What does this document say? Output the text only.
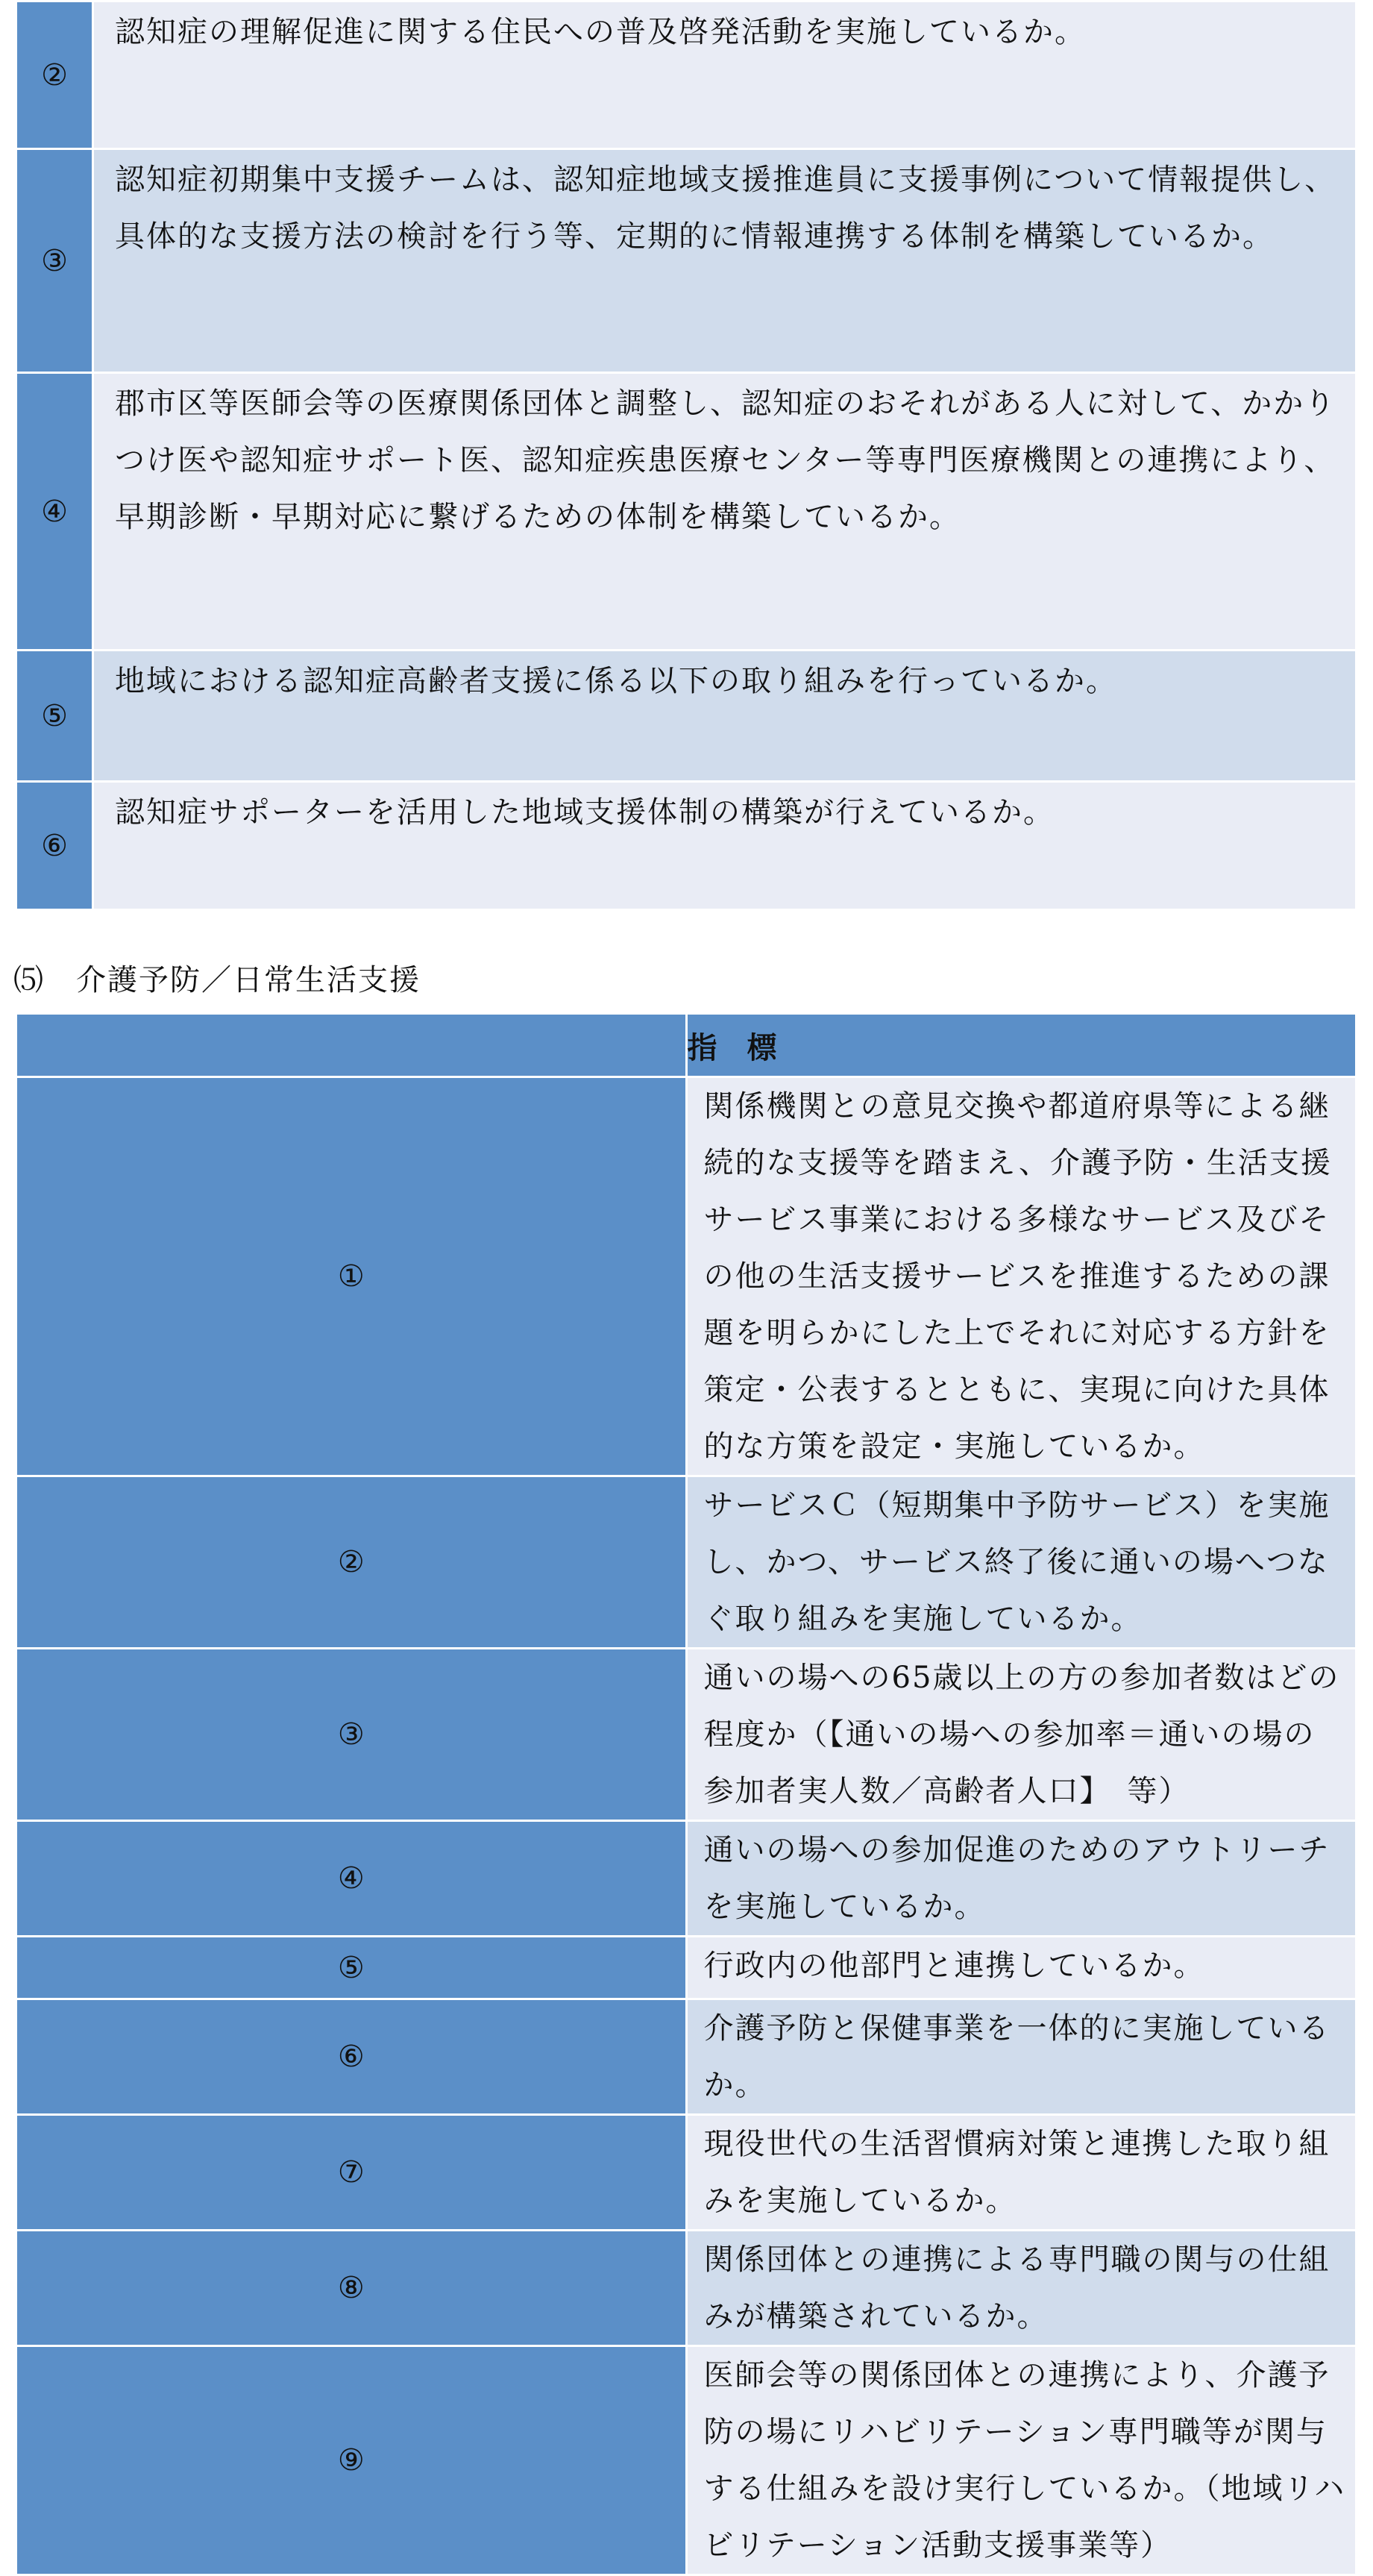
②	認知症の理解促進に関する住民への普及啓発活動を実施しているか。
③	認知症初期集中支援チームは、認知症地域支援推進員に支援事例について情報提供し、具体的な支援方法の検討を行う等、定期的に情報連携する体制を構築しているか。
④	郡市区等医師会等の医療関係団体と調整し、認知症のおそれがある人に対して、かかりつけ医や認知症サポート医、認知症疾患医療センター等専門医療機関との連携により、早期診断・早期対応に繋げるための体制を構築しているか。
⑤	地域における認知症高齢者支援に係る以下の取り組みを行っているか。
⑥	認知症サポーターを活用した地域支援体制の構築が行えているか。
⑸　介護予防／日常生活支援
	指　標
①	関係機関との意見交換や都道府県等による継続的な支援等を踏まえ、介護予防・生活支援サービス事業における多様なサービス及びその他の生活支援サービスを推進するための課題を明らかにした上でそれに対応する方針を策定・公表するとともに、実現に向けた具体的な方策を設定・実施しているか。
②	サービスＣ（短期集中予防サービス）を実施し、かつ、サービス終了後に通いの場へつなぐ取り組みを実施しているか。
③	通いの場への65歳以上の方の参加者数はどの程度か（【通いの場への参加率＝通いの場の参加者実人数／高齢者人口】　等）
④	通いの場への参加促進のためのアウトリーチを実施しているか。
⑤	行政内の他部門と連携しているか。
⑥	介護予防と保健事業を一体的に実施しているか。
⑦	現役世代の生活習慣病対策と連携した取り組みを実施しているか。
⑧	関係団体との連携による専門職の関与の仕組みが構築されているか。
⑨	医師会等の関係団体との連携により、介護予防の場にリハビリテーション専門職等が関与する仕組みを設け実行しているか。（地域リハビリテーション活動支援事業等）
